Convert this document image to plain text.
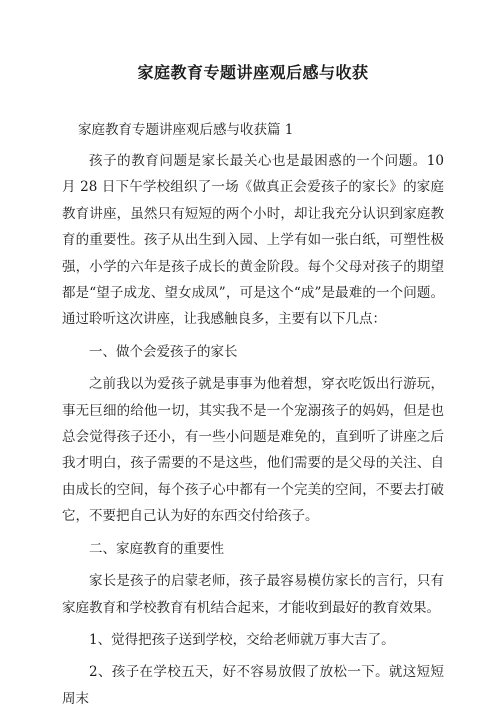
家庭教育专题讲座观后感与收获
家庭教育专题讲座观后感与收获篇 1

孩子的教育问题是家长最关心也是最困惑的一个问题。10 月 28 日下午学校组织了一场《做真正会爱孩子的家长》的家庭教育讲座，虽然只有短短的两个小时，却让我充分认识到家庭教育的重要性。孩子从出生到入园、上学有如一张白纸，可塑性极强，小学的六年是孩子成长的黄金阶段。每个父母对孩子的期望都是“望子成龙、望女成凤”，可是这个“成”是最难的一个问题。通过聆听这次讲座，让我感触良多，主要有以下几点：

一、做个会爱孩子的家长

之前我以为爱孩子就是事事为他着想，穿衣吃饭出行游玩，事无巨细的给他一切，其实我不是一个宠溺孩子的妈妈，但是也总会觉得孩子还小，有一些小问题是难免的，直到听了讲座之后我才明白，孩子需要的不是这些，他们需要的是父母的关注、自由成长的空间，每个孩子心中都有一个完美的空间，不要去打破它，不要把自己认为好的东西交付给孩子。

二、家庭教育的重要性

家长是孩子的启蒙老师，孩子最容易模仿家长的言行，只有家庭教育和学校教育有机结合起来，才能收到最好的教育效果。

1、觉得把孩子送到学校，交给老师就万事大吉了。

2、孩子在学校五天，好不容易放假了放松一下。就这短短周末
